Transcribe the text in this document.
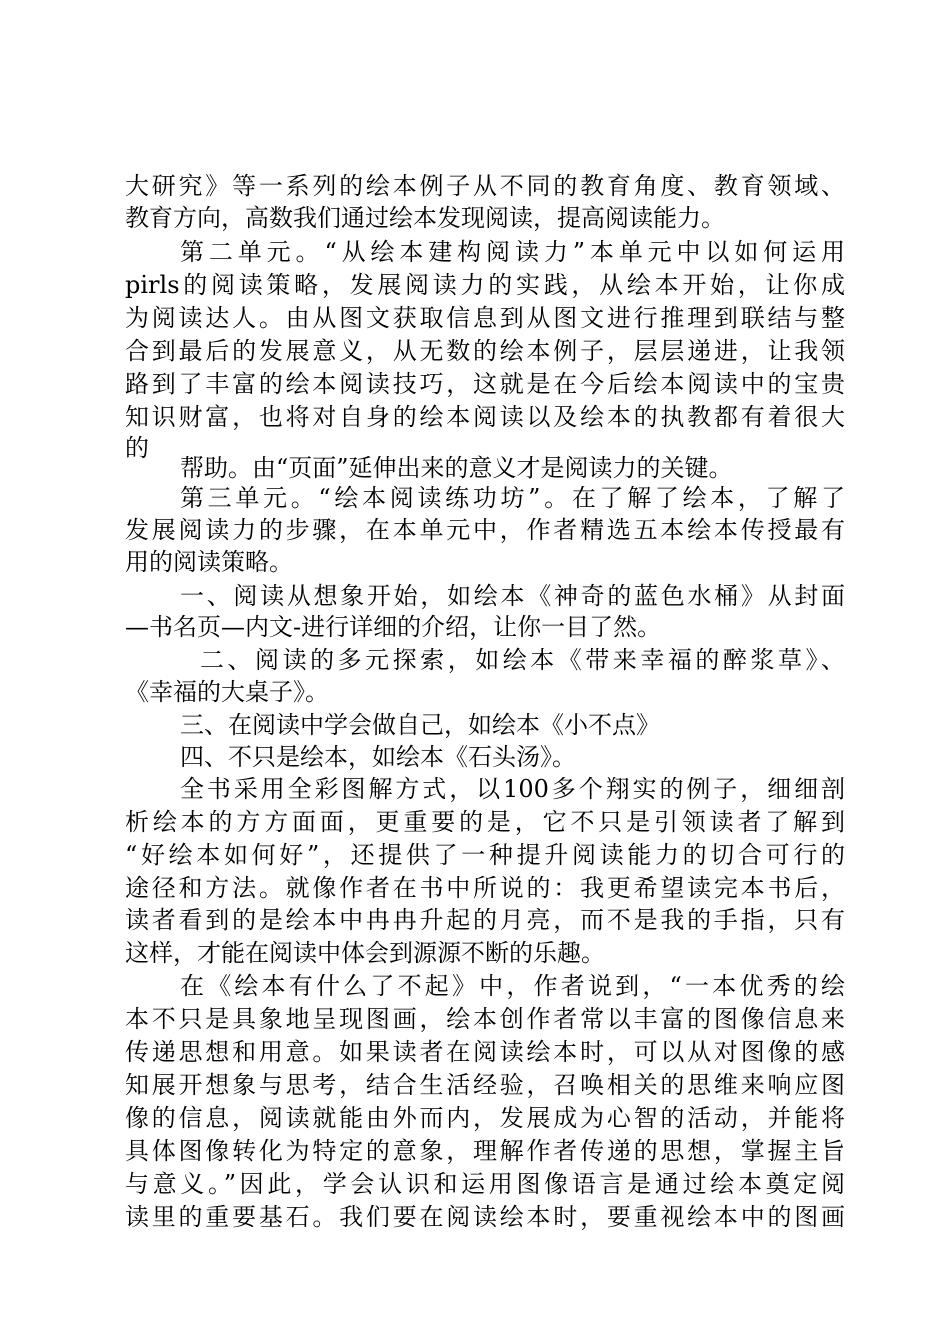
大研究》等一系列的绘本例子从不同的教育角度、教育领域、
教育方向，高数我们通过绘本发现阅读，提高阅读能力。
第二单元。“从绘本建构阅读力”本单元中以如何运用
pirls的阅读策略，发展阅读力的实践，从绘本开始，让你成
为阅读达人。由从图文获取信息到从图文进行推理到联结与整
合到最后的发展意义，从无数的绘本例子，层层递进，让我领
路到了丰富的绘本阅读技巧，这就是在今后绘本阅读中的宝贵
知识财富，也将对自身的绘本阅读以及绘本的执教都有着很大
的
帮助。由“页面”延伸出来的意义才是阅读力的关键。
第三单元。“绘本阅读练功坊”。在了解了绘本，了解了
发展阅读力的步骤，在本单元中，作者精选五本绘本传授最有
用的阅读策略。
一、阅读从想象开始，如绘本《神奇的蓝色水桶》从封面
—书名页—内文-进行详细的介绍，让你一目了然。
二、阅读的多元探索，如绘本《带来幸福的醉浆草》、
《幸福的大桌子》。
三、在阅读中学会做自己，如绘本《小不点》
四、不只是绘本，如绘本《石头汤》。
全书采用全彩图解方式，以100多个翔实的例子，细细剖
析绘本的方方面面，更重要的是，它不只是引领读者了解到
“好绘本如何好”，还提供了一种提升阅读能力的切合可行的
途径和方法。就像作者在书中所说的：我更希望读完本书后，
读者看到的是绘本中冉冉升起的月亮，而不是我的手指，只有
这样，才能在阅读中体会到源源不断的乐趣。
在《绘本有什么了不起》中，作者说到，“一本优秀的绘
本不只是具象地呈现图画，绘本创作者常以丰富的图像信息来
传递思想和用意。如果读者在阅读绘本时，可以从对图像的感
知展开想象与思考，结合生活经验，召唤相关的思维来响应图
像的信息，阅读就能由外而内，发展成为心智的活动，并能将
具体图像转化为特定的意象，理解作者传递的思想，掌握主旨
与意义。”因此，学会认识和运用图像语言是通过绘本奠定阅
读里的重要基石。我们要在阅读绘本时，要重视绘本中的图画
